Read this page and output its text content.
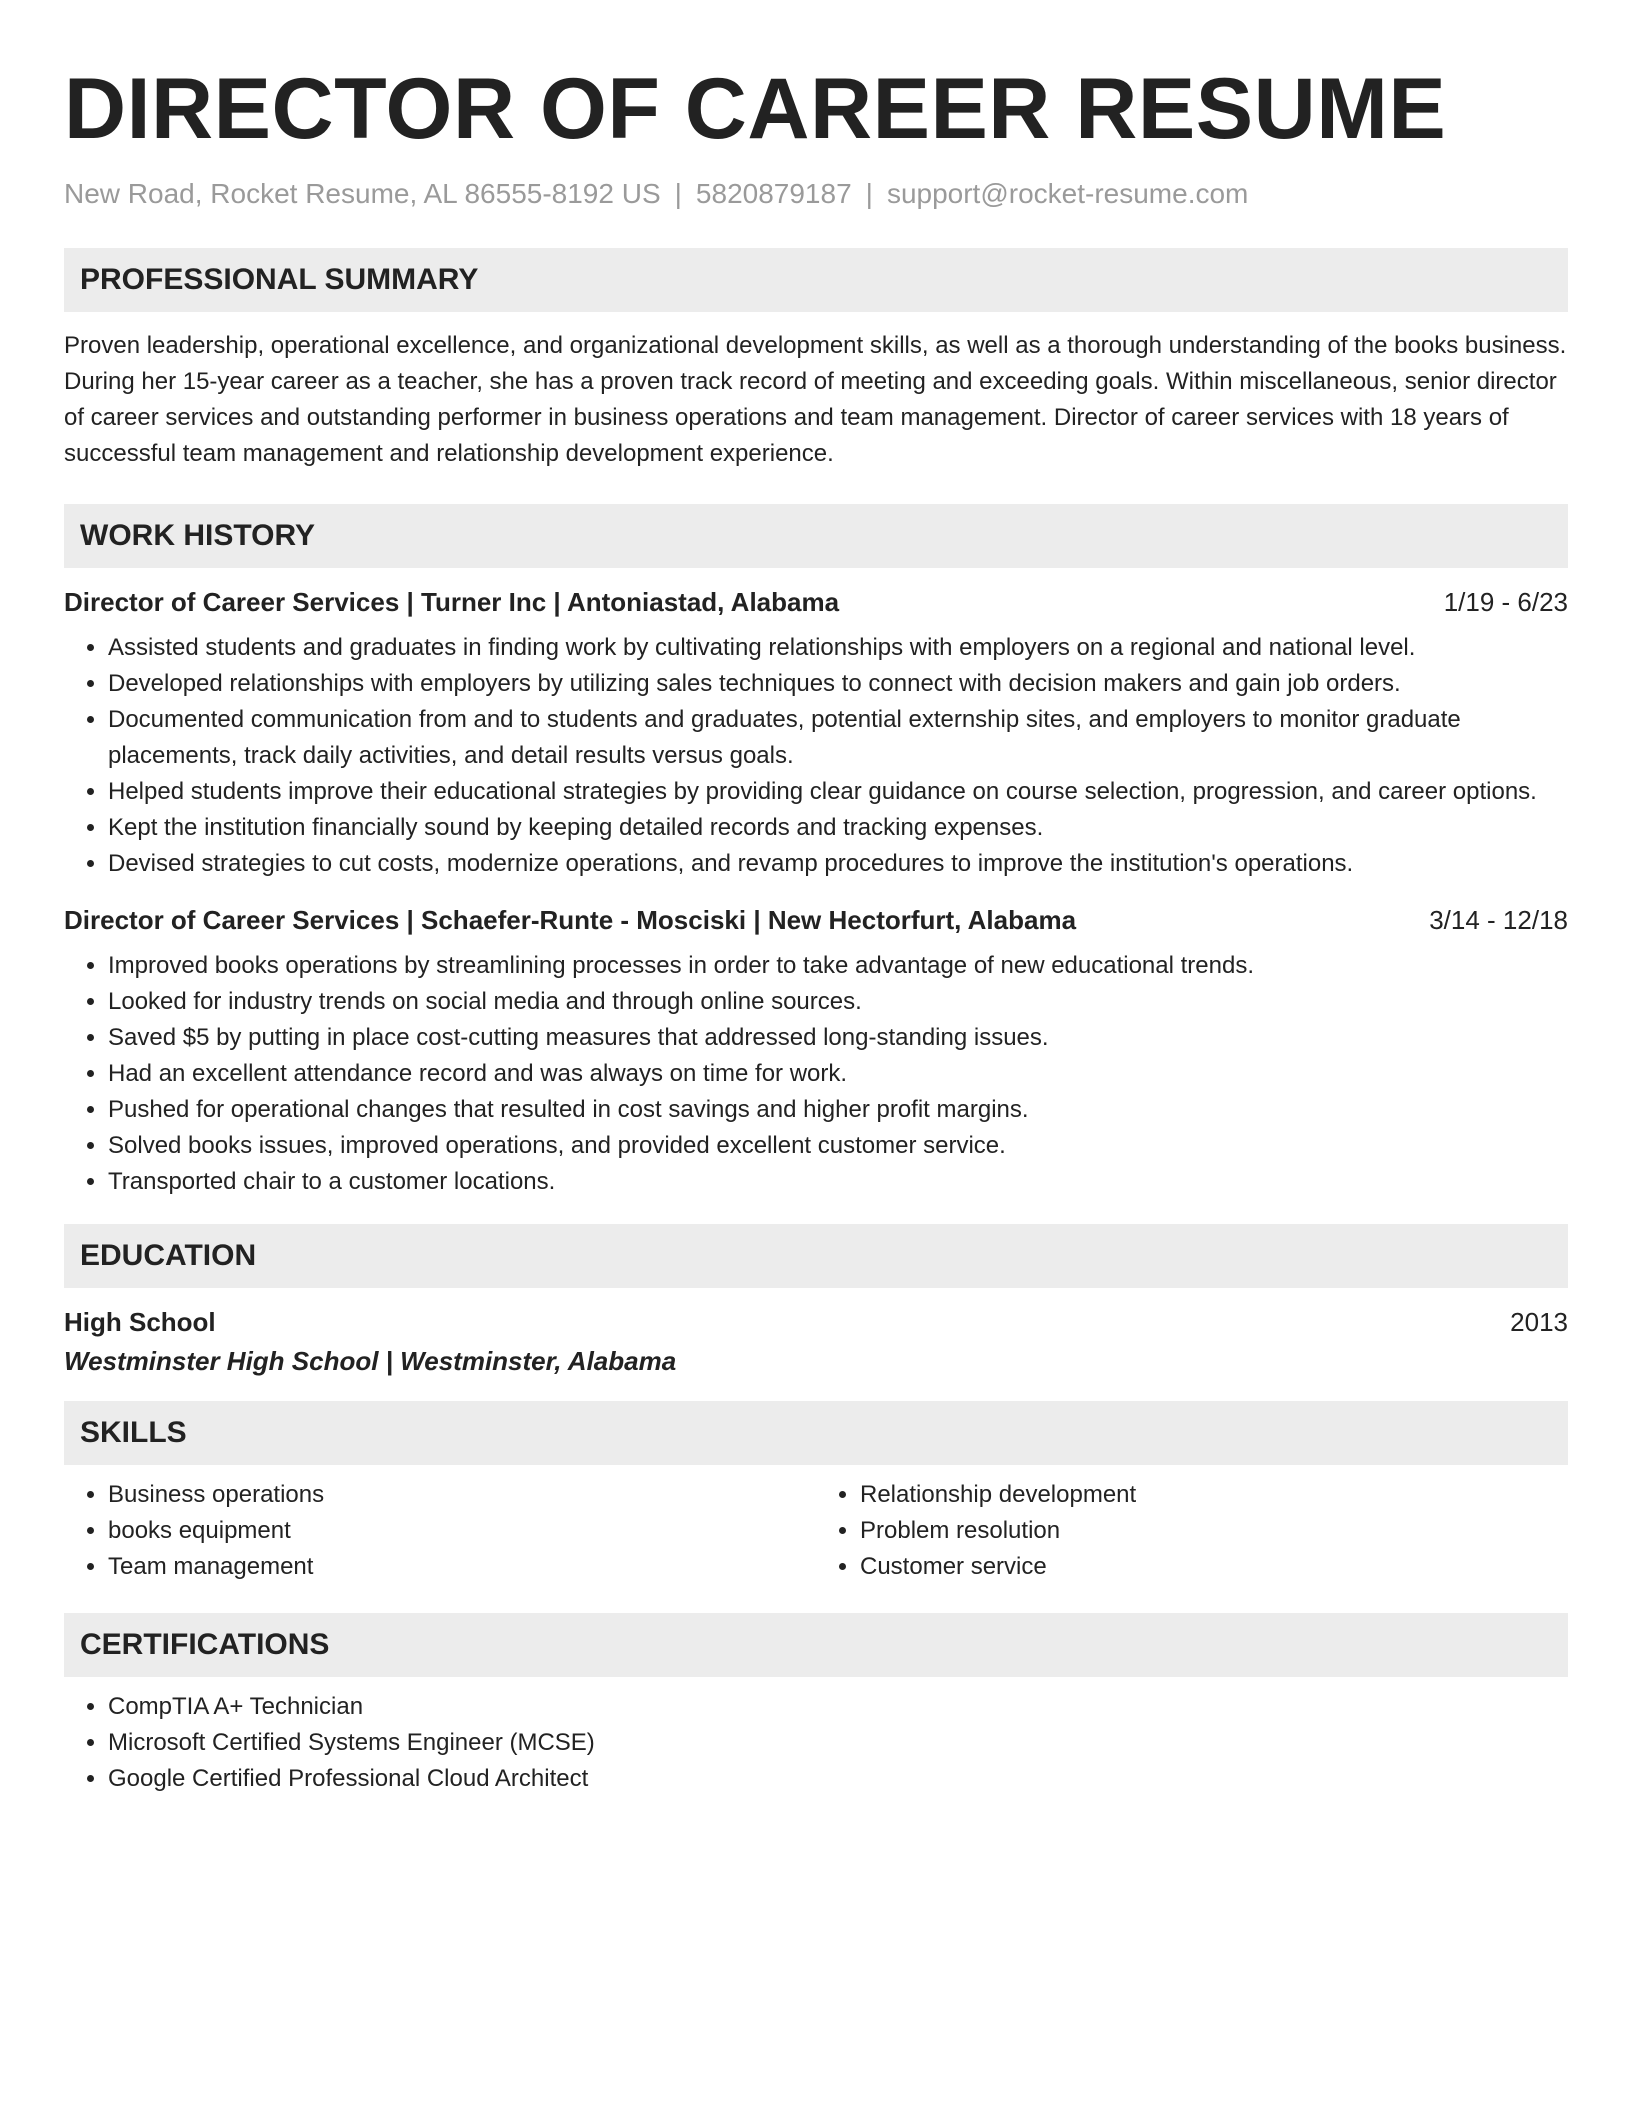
DIRECTOR OF CAREER RESUME
New Road, Rocket Resume, AL 86555-8192 US | 5820879187 | support@rocket-resume.com
PROFESSIONAL SUMMARY
Proven leadership, operational excellence, and organizational development skills, as well as a thorough understanding of the books business. During her 15-year career as a teacher, she has a proven track record of meeting and exceeding goals. Within miscellaneous, senior director of career services and outstanding performer in business operations and team management. Director of career services with 18 years of successful team management and relationship development experience.
WORK HISTORY
Director of Career Services | Turner Inc | Antoniastad, Alabama	1/19 - 6/23
• Assisted students and graduates in finding work by cultivating relationships with employers on a regional and national level.
• Developed relationships with employers by utilizing sales techniques to connect with decision makers and gain job orders.
• Documented communication from and to students and graduates, potential externship sites, and employers to monitor graduate placements, track daily activities, and detail results versus goals.
• Helped students improve their educational strategies by providing clear guidance on course selection, progression, and career options.
• Kept the institution financially sound by keeping detailed records and tracking expenses.
• Devised strategies to cut costs, modernize operations, and revamp procedures to improve the institution's operations.
Director of Career Services | Schaefer-Runte - Mosciski | New Hectorfurt, Alabama	3/14 - 12/18
• Improved books operations by streamlining processes in order to take advantage of new educational trends.
• Looked for industry trends on social media and through online sources.
• Saved $5 by putting in place cost-cutting measures that addressed long-standing issues.
• Had an excellent attendance record and was always on time for work.
• Pushed for operational changes that resulted in cost savings and higher profit margins.
• Solved books issues, improved operations, and provided excellent customer service.
• Transported chair to a customer locations.
EDUCATION
High School	2013
Westminster High School | Westminster, Alabama
SKILLS
• Business operations
• books equipment
• Team management
• Relationship development
• Problem resolution
• Customer service
CERTIFICATIONS
• CompTIA A+ Technician
• Microsoft Certified Systems Engineer (MCSE)
• Google Certified Professional Cloud Architect
